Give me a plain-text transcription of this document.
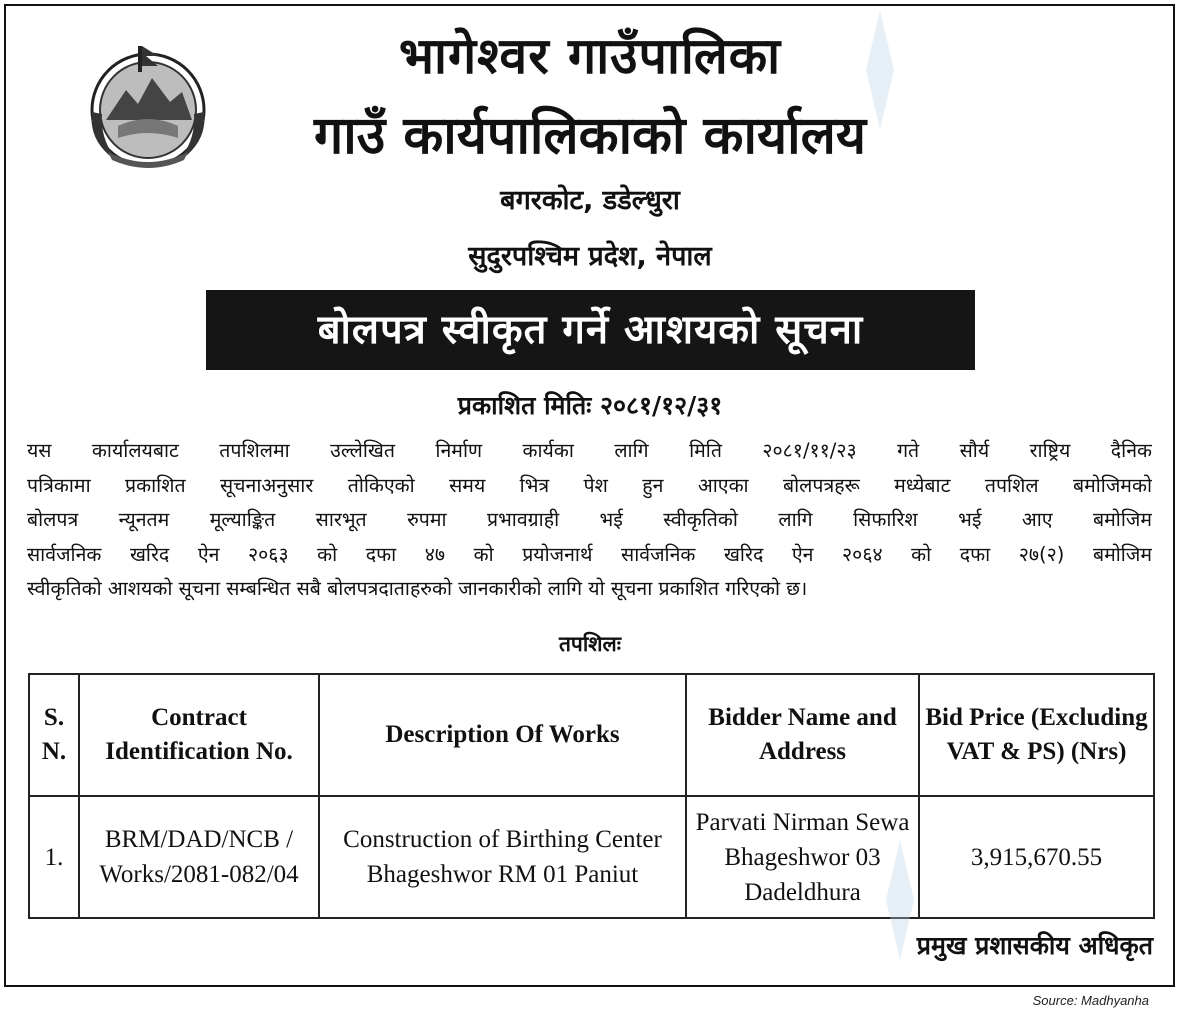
भागेश्वर गाउँपालिका
गाउँ कार्यपालिकाको कार्यालय
बगरकोट, डडेल्धुरा
सुदुरपश्चिम प्रदेश, नेपाल
बोलपत्र स्वीकृत गर्ने आशयको सूचना
प्रकाशित मितिः २०८१/१२/३१
यस कार्यालयबाट तपशिलमा उल्लेखित निर्माण कार्यका लागि मिति २०८१/११/२३ गते सौर्य राष्ट्रिय दैनिक
पत्रिकामा प्रकाशित सूचनाअनुसार तोकिएको समय भित्र पेश हुन आएका बोलपत्रहरू मध्येबाट तपशिल बमोजिमको
बोलपत्र न्यूनतम मूल्याङ्कित सारभूत रुपमा प्रभावग्राही भई स्वीकृतिको लागि सिफारिश भई आए बमोजिम
सार्वजनिक खरिद ऐन २०६३ को दफा ४७ को प्रयोजनार्थ सार्वजनिक खरिद ऐन २०६४ को दफा २७(२) बमोजिम
स्वीकृतिको आशयको सूचना सम्बन्धित सबै बोलपत्रदाताहरुको जानकारीको लागि यो सूचना प्रकाशित गरिएको छ।
तपशिलः
S. N.	Contract Identification No.	Description Of Works	Bidder Name and Address	Bid Price (Excluding VAT & PS) (Nrs)
1.	BRM/DAD/NCB / Works/2081-082/04	Construction of Birthing Center Bhageshwor RM 01 Paniut	Parvati Nirman Sewa Bhageshwor 03 Dadeldhura	3,915,670.55
प्रमुख प्रशासकीय अधिकृत
Source: Madhyanha
